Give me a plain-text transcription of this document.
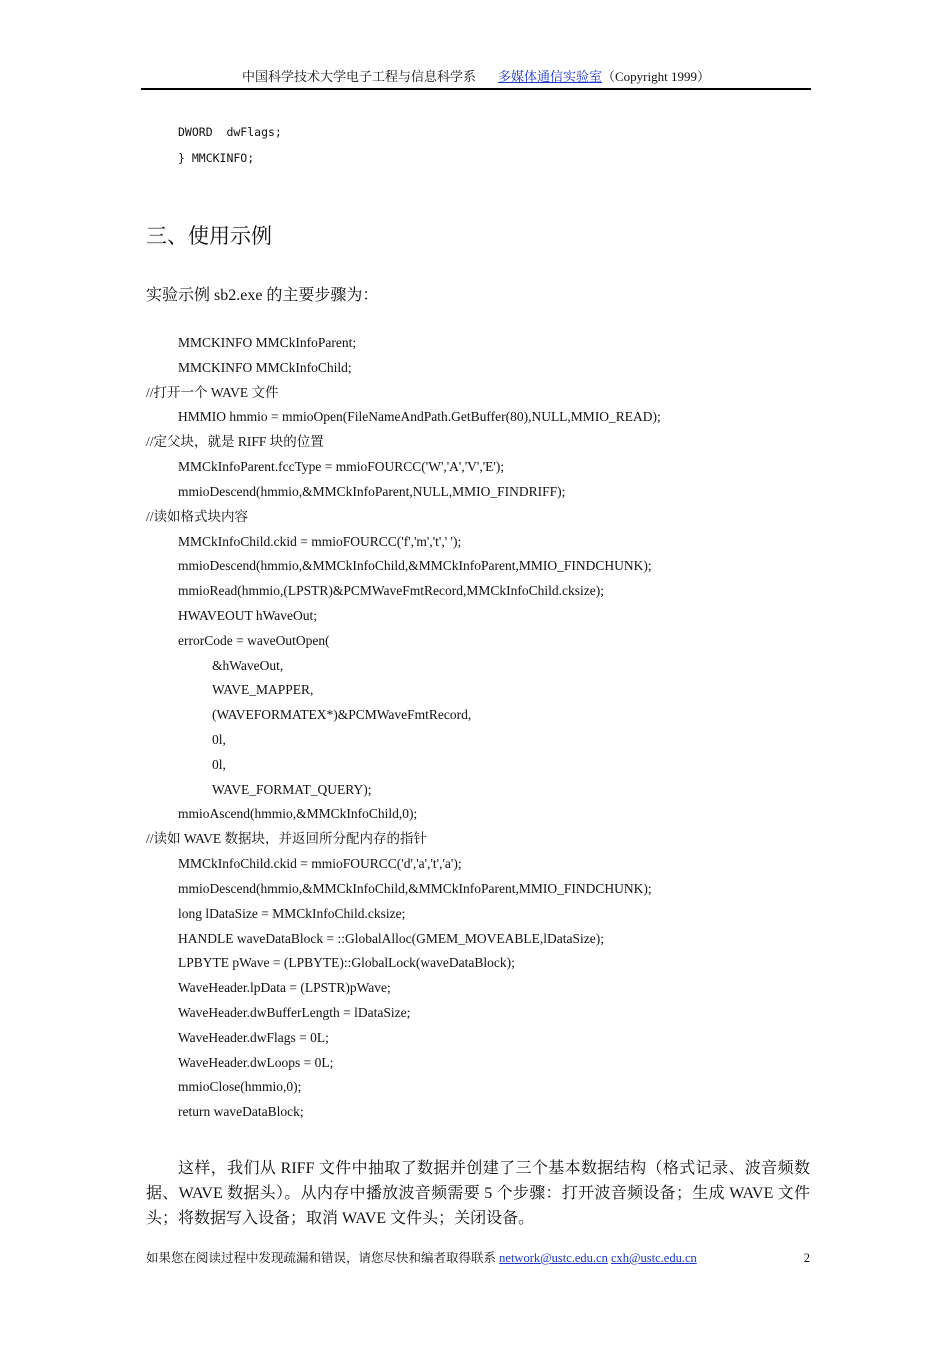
中国科学技术大学电子工程与信息科学系 多媒体通信实验室（Copyright 1999）
DWORD  dwFlags;
} MMCKINFO;
三、使用示例

实验示例 sb2.exe 的主要步骤为：

MMCKINFO MMCkInfoParent;
MMCKINFO MMCkInfoChild;
//打开一个 WAVE 文件
HMMIO hmmio = mmioOpen(FileNameAndPath.GetBuffer(80),NULL,MMIO_READ);
//定父块，就是 RIFF 块的位置
MMCkInfoParent.fccType = mmioFOURCC('W','A','V','E');
mmioDescend(hmmio,&MMCkInfoParent,NULL,MMIO_FINDRIFF);
//读如格式块内容
MMCkInfoChild.ckid = mmioFOURCC('f','m','t',' ');
mmioDescend(hmmio,&MMCkInfoChild,&MMCkInfoParent,MMIO_FINDCHUNK);
mmioRead(hmmio,(LPSTR)&PCMWaveFmtRecord,MMCkInfoChild.cksize);
HWAVEOUT hWaveOut;
errorCode = waveOutOpen(
&hWaveOut,
WAVE_MAPPER,
(WAVEFORMATEX*)&PCMWaveFmtRecord,
0l,
0l,
WAVE_FORMAT_QUERY);
mmioAscend(hmmio,&MMCkInfoChild,0);
//读如 WAVE 数据块，并返回所分配内存的指针
MMCkInfoChild.ckid = mmioFOURCC('d','a','t','a');
mmioDescend(hmmio,&MMCkInfoChild,&MMCkInfoParent,MMIO_FINDCHUNK);
long lDataSize = MMCkInfoChild.cksize;
HANDLE waveDataBlock = ::GlobalAlloc(GMEM_MOVEABLE,lDataSize);
LPBYTE pWave = (LPBYTE)::GlobalLock(waveDataBlock);
WaveHeader.lpData = (LPSTR)pWave;
WaveHeader.dwBufferLength = lDataSize;
WaveHeader.dwFlags = 0L;
WaveHeader.dwLoops = 0L;
mmioClose(hmmio,0);
return waveDataBlock;

这样，我们从 RIFF 文件中抽取了数据并创建了三个基本数据结构（格式记录、波音频数据、WAVE 数据头）。从内存中播放波音频需要 5 个步骤：打开波音频设备；生成 WAVE 文件头；将数据写入设备；取消 WAVE 文件头；关闭设备。

如果您在阅读过程中发现疏漏和错误，请您尽快和编者取得联系 network@ustc.edu.cn cxh@ustc.edu.cn	2
